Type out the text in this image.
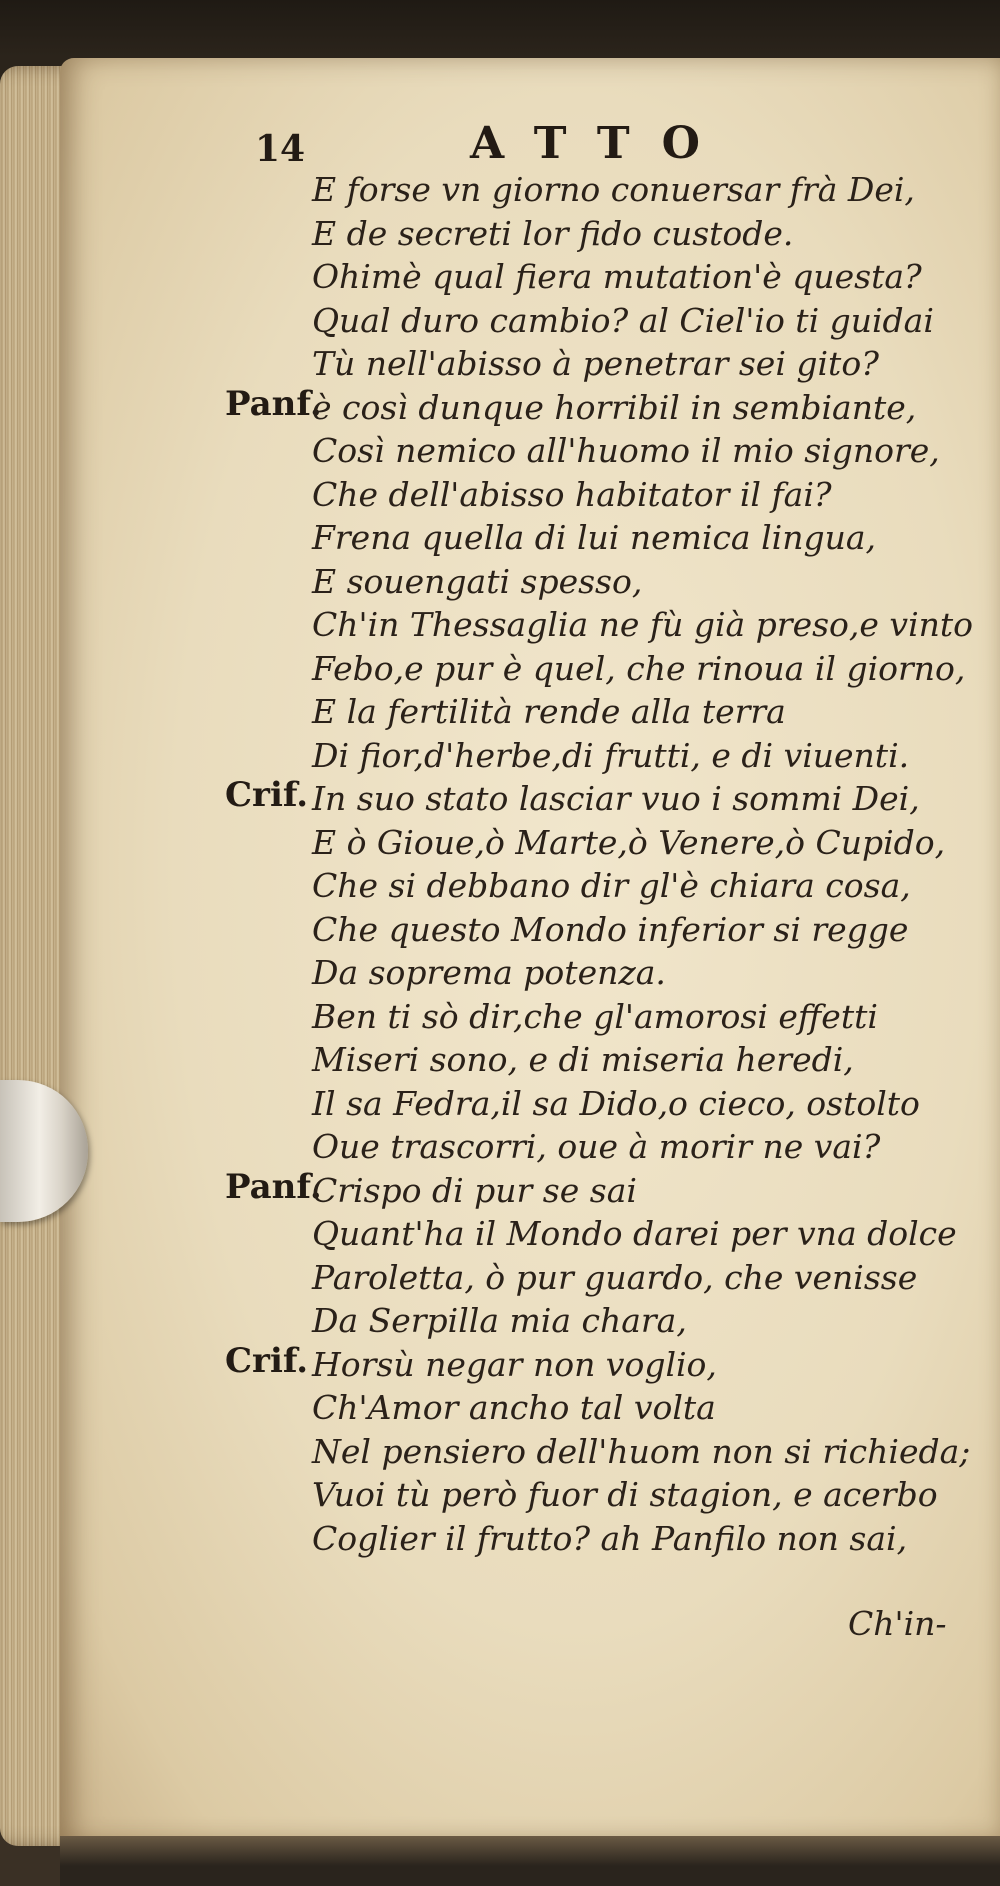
14	ATTO
E forse vn giorno conuersar frà Dei,
E de secreti lor fido custode.
Ohimè qual fiera mutation'è questa?
Qual duro cambio? al Ciel'io ti guidai
Tù nell'abisso à penetrar sei gito?
Panf.
è così dunque horribil in sembiante,
Così nemico all'huomo il mio signore,
Che dell'abisso habitator il fai?
Frena quella di lui nemica lingua,
E souengati spesso,
Ch'in Thessaglia ne fù già preso,e vinto
Febo,e pur è quel, che rinoua il giorno,
E la fertilità rende alla terra
Di fior,d'herbe,di frutti, e di viuenti.
Crif. In suo stato lasciar vuo i sommi Dei,
E ò Gioue,ò Marte,ò Venere,ò Cupido,
Che si debbano dir gl'è chiara cosa,
Che questo Mondo inferior si regge
Da soprema potenza.
Ben ti sò dir,che gl'amorosi effetti
Miseri sono, e di miseria heredi,
Il sa Fedra,il sa Dido,o cieco, ostolto
Oue trascorri, oue à morir ne vai?
Panf.
Crispo di pur se sai
Quant'ha il Mondo darei per vna dolce
Paroletta, ò pur guardo, che venisse
Da Serpilla mia chara,
Crif. Horsù negar non voglio,
Ch'Amor ancho tal volta
Nel pensiero dell'huom non si richieda;
Vuoi tù però fuor di stagion, e acerbo
Coglier il frutto? ah Panfilo non sai,
Ch'in-
